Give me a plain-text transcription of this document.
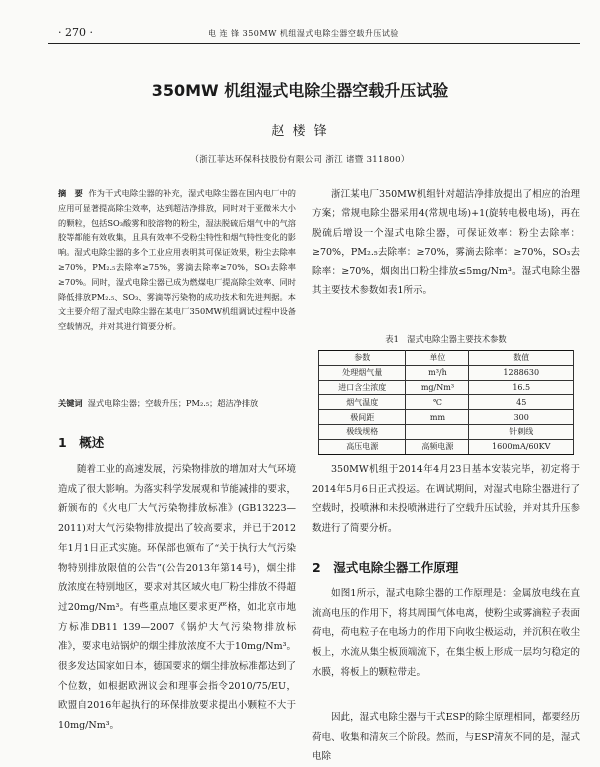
· 270 ·	电 连 锋 350MW 机组湿式电除尘器空载升压试验
350MW 机组湿式电除尘器空载升压试验
赵 楼 锋
（浙江菲达环保科技股份有限公司 浙江 诸暨 311800）
摘　要 作为干式电除尘器的补充，湿式电除尘器在国内电厂中的应用可显著提高除尘效率，达到超洁净排放，同时对于亚微米大小的颗粒，包括SO₃酸雾和胶溶物的粉尘，湿法脱硫后烟气中的气溶胶等都能有效收集，且具有效率不受粉尘特性和烟气特性变化的影响。湿式电除尘器的多个工业应用表明其可保证效果，粉尘去除率≥70%，PM₂.₅去除率≥75%，雾滴去除率≥70%，SO₃去除率≥70%。同时，湿式电除尘器已成为燃煤电厂提高除尘效率、同时降低排放PM₂.₅、SO₃、雾滴等污染物的成功技术和先进判据。本文主要介绍了湿式电除尘器在某电厂350MW机组调试过程中设备空载情况，并对其进行简要分析。
关键词 湿式电除尘器；空载升压；PM₂.₅；超洁净排放
1　概述
随着工业的高速发展，污染物排放的增加对大气环境造成了很大影响。为落实科学发展观和节能减排的要求，新颁布的《火电厂大气污染物排放标准》(GB13223—2011)对大气污染物排放提出了较高要求，并已于2012年1月1日正式实施。环保部也颁布了“关于执行大气污染物特别排放限值的公告”(公告2013年第14号)，烟尘排放浓度在特别地区，要求对其区域火电厂粉尘排放不得超过20mg/Nm³。有些重点地区要求更严格，如北京市地方标准DB11 139—2007《锅炉大气污染物排放标准》，要求电站锅炉的烟尘排放浓度不大于10mg/Nm³。很多发达国家如日本，德国要求的烟尘排放标准都达到了个位数，如根据欧洲议会和理事会指令2010/75/EU，欧盟自2016年起执行的环保排放要求提出小颗粒不大于10mg/Nm³。
浙江某电厂350MW机组针对超洁净排放提出了相应的治理方案；常规电除尘器采用4(常规电场)+1(旋转电极电场)，再在脱硫后增设一个湿式电除尘器，可保证效率：粉尘去除率：≥70%，PM₂.₅去除率：≥70%，雾滴去除率：≥70%，SO₃去除率：≥70%，烟囱出口粉尘排放≤5mg/Nm³。湿式电除尘器其主要技术参数如表1所示。
表1　湿式电除尘器主要技术参数
参数	单位	数值
处理烟气量	m³/h	1288630
进口含尘浓度	mg/Nm³	16.5
烟气温度	℃	45
极间距	mm	300
极线规格		针刺线
高压电源	高频电源	1600mA/60KV
350MW机组于2014年4月23日基本安装完毕，初定将于2014年5月6日正式投运。在调试期间，对湿式电除尘器进行了空载时，投喷淋和未投喷淋进行了空载升压试验，并对其升压参数进行了简要分析。
2　湿式电除尘器工作原理
如图1所示，湿式电除尘器的工作原理是：金属放电线在直流高电压的作用下，将其周围气体电离，使粉尘或雾滴粒子表面荷电，荷电粒子在电场力的作用下向收尘极运动，并沉积在收尘板上，水流从集尘板顶端流下，在集尘板上形成一层均匀稳定的水膜，将板上的颗粒带走。
因此，湿式电除尘器与干式ESP的除尘原理相同，都要经历荷电、收集和清灰三个阶段。然而，与ESP清灰不同的是，湿式电除
